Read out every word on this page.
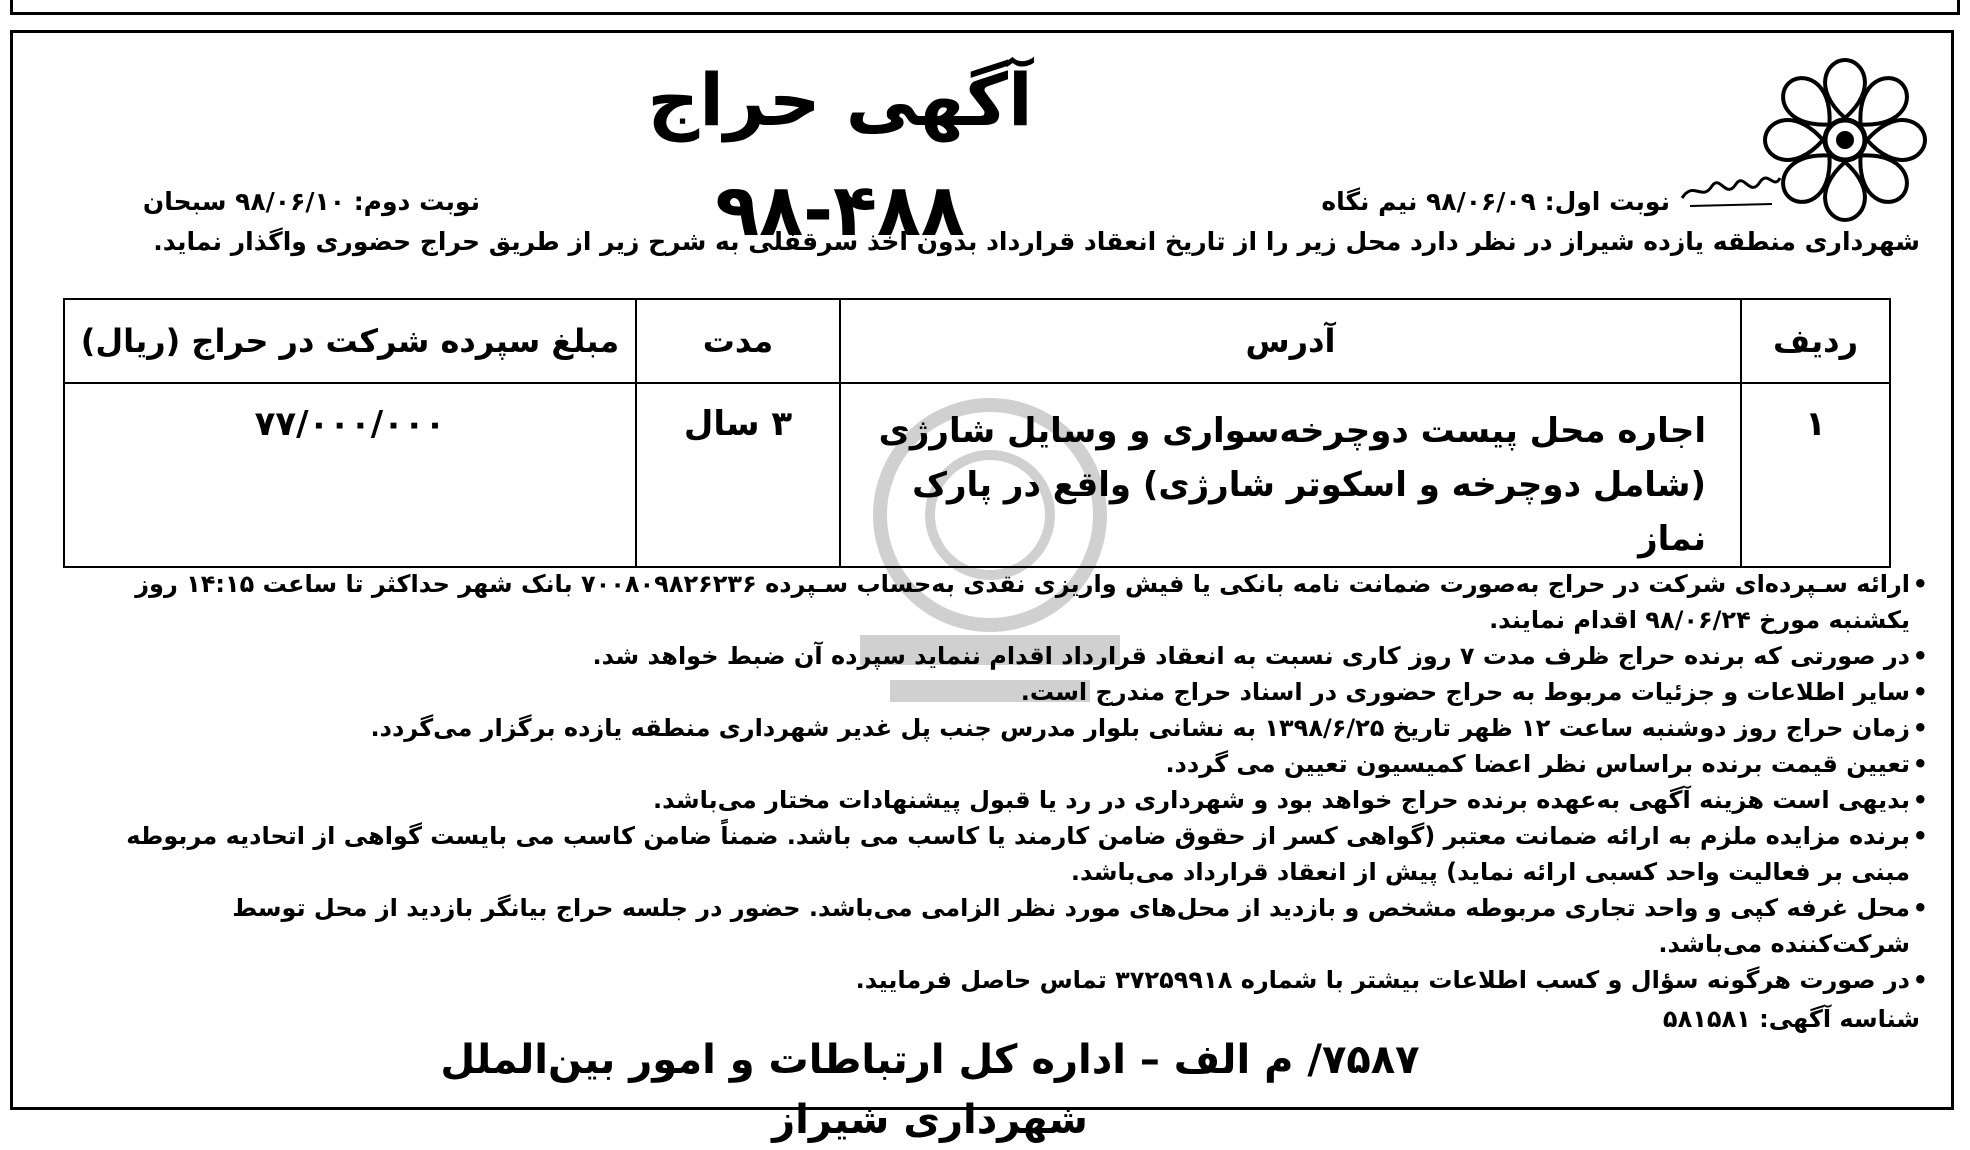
آگهی حراج ۴۸۸-۹۸	نوبت اول: ۹۸/۰۶/۰۹ نیم نگاه
نوبت دوم: ۹۸/۰۶/۱۰ سبحان
شهرداری منطقه یازده شیراز در نظر دارد محل زیر را از تاریخ انعقاد قرارداد بدون اخذ سرقفلی به شرح زیر از طریق حراج حضوری واگذار نماید.
ردیف	آدرس	مدت	مبلغ سپرده شرکت در حراج (ریال)
۱	اجاره محل پیست دوچرخه‌سواری و وسایل شارژی
(شامل دوچرخه و اسکوتر شارژی) واقع در پارک نماز	۳ سال	۷۷/۰۰۰/۰۰۰
• ارائه سـپرده‌ای شرکت در حراج به‌صورت ضمانت نامه بانکی یا فیش واریزی نقدی به‌حساب سـپرده ۷۰۰۸۰۹۸۲۶۲۳۶ بانک شهر حداکثر تا ساعت ۱۴:۱۵ روز یکشنبه مورخ ۹۸/۰۶/۲۴ اقدام نمایند.
• در صورتی که برنده حراج ظرف مدت ۷ روز کاری نسبت به انعقاد قرارداد اقدام ننماید سپرده آن ضبط خواهد شد.
• سایر اطلاعات و جزئیات مربوط به حراج حضوری در اسناد حراج مندرج است.
• زمان حراج روز دوشنبه ساعت ۱۲ ظهر تاریخ ۱۳۹۸/۶/۲۵ به نشانی بلوار مدرس جنب پل غدیر شهرداری منطقه یازده برگزار می‌گردد.
• تعیین قیمت برنده براساس نظر اعضا کمیسیون تعیین می گردد.
• بدیهی است هزینه آگهی به‌عهده برنده حراج خواهد بود و شهرداری در رد یا قبول پیشنهادات مختار می‌باشد.
• برنده مزایده ملزم به ارائه ضمانت معتبر (گواهی کسر از حقوق ضامن کارمند یا کاسب می باشد. ضمناً ضامن کاسب می بایست گواهی از اتحادیه مربوطه مبنی بر فعالیت واحد کسبی ارائه نماید) پیش از انعقاد قرارداد می‌باشد.
• محل غرفه کپی و واحد تجاری مربوطه مشخص و بازدید از محل‌های مورد نظر الزامی می‌باشد. حضور در جلسه حراج بیانگر بازدید از محل توسط شرکت‌کننده می‌باشد.
• در صورت هرگونه سؤال و کسب اطلاعات بیشتر با شماره ۳۷۲۵۹۹۱۸ تماس حاصل فرمایید.
شناسه آگهی: ۵۸۱۵۸۱
۷۵۸۷/ م الف – اداره کل ارتباطات و امور بین‌الملل شهرداری شیراز
